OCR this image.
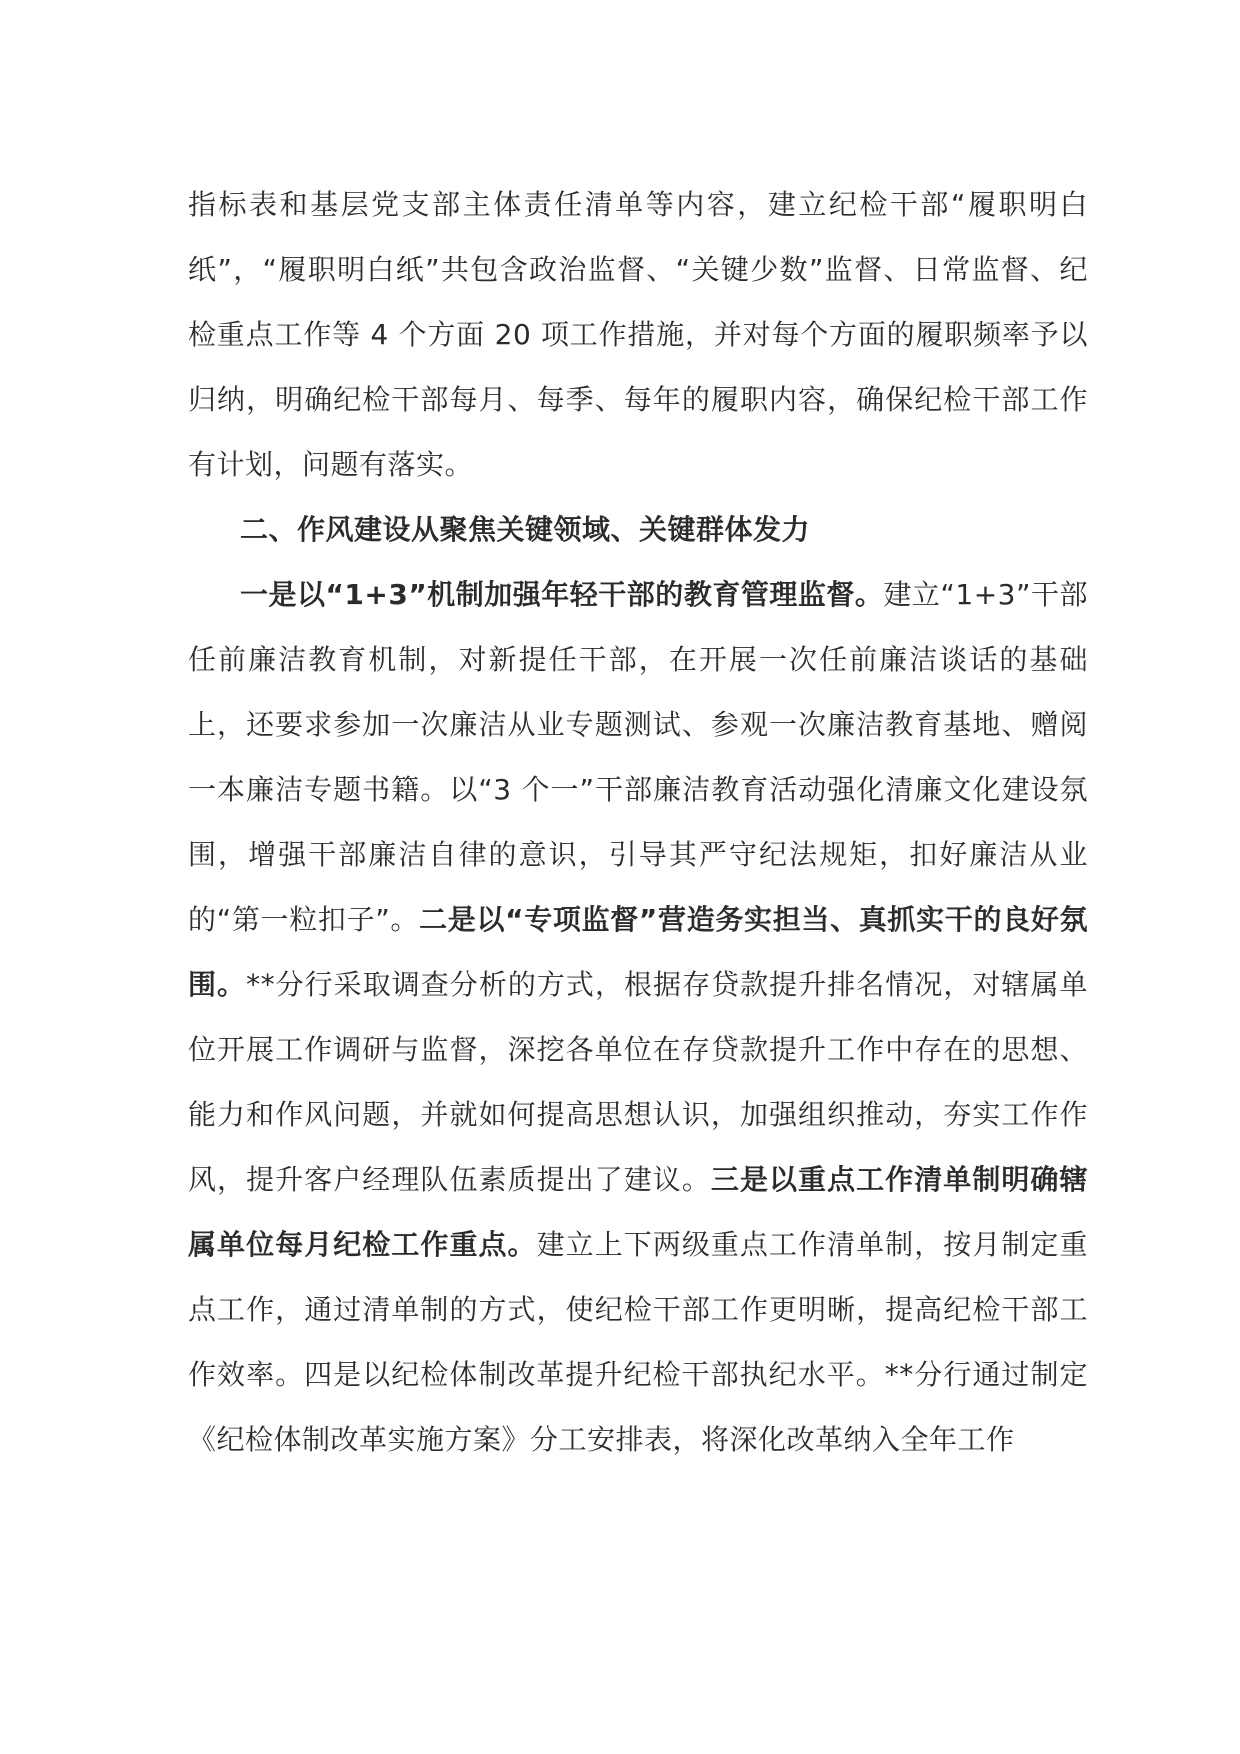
指标表和基层党支部主体责任清单等内容，建立纪检干部“履职明白纸”，“履职明白纸”共包含政治监督、“关键少数”监督、日常监督、纪检重点工作等 4 个方面 20 项工作措施，并对每个方面的履职频率予以归纳，明确纪检干部每月、每季、每年的履职内容，确保纪检干部工作有计划，问题有落实。

二、作风建设从聚焦关键领域、关键群体发力

一是以“1+3”机制加强年轻干部的教育管理监督。建立“1+3”干部任前廉洁教育机制，对新提任干部，在开展一次任前廉洁谈话的基础上，还要求参加一次廉洁从业专题测试、参观一次廉洁教育基地、赠阅一本廉洁专题书籍。以“3 个一”干部廉洁教育活动强化清廉文化建设氛围，增强干部廉洁自律的意识，引导其严守纪法规矩，扣好廉洁从业的“第一粒扣子”。二是以“专项监督”营造务实担当、真抓实干的良好氛围。**分行采取调查分析的方式，根据存贷款提升排名情况，对辖属单位开展工作调研与监督，深挖各单位在存贷款提升工作中存在的思想、能力和作风问题，并就如何提高思想认识，加强组织推动，夯实工作作风，提升客户经理队伍素质提出了建议。三是以重点工作清单制明确辖属单位每月纪检工作重点。建立上下两级重点工作清单制，按月制定重点工作，通过清单制的方式，使纪检干部工作更明晰，提高纪检干部工作效率。四是以纪检体制改革提升纪检干部执纪水平。**分行通过制定《纪检体制改革实施方案》分工安排表，将深化改革纳入全年工作
